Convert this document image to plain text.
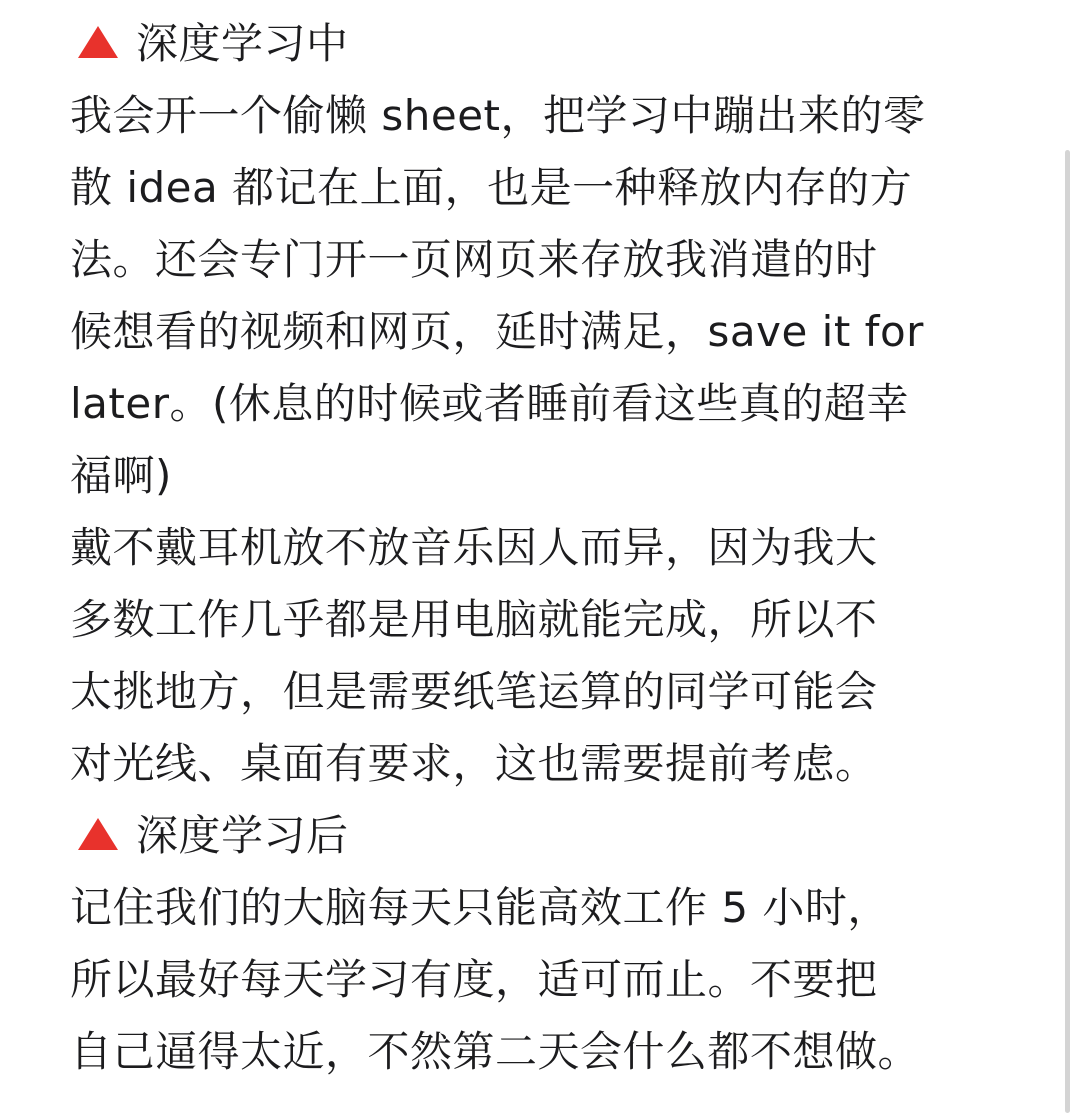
深度学习中
我会开一个偷懒 sheet，把学习中蹦出来的零
散 idea 都记在上面，也是一种释放内存的方
法。还会专门开一页网页来存放我消遣的时
候想看的视频和网页，延时满足，save it for
later。(休息的时候或者睡前看这些真的超幸
福啊)
戴不戴耳机放不放音乐因人而异，因为我大
多数工作几乎都是用电脑就能完成，所以不
太挑地方，但是需要纸笔运算的同学可能会
对光线、桌面有要求，这也需要提前考虑。
深度学习后
记住我们的大脑每天只能高效工作 5 小时，
所以最好每天学习有度，适可而止。不要把
自己逼得太近，不然第二天会什么都不想做。
